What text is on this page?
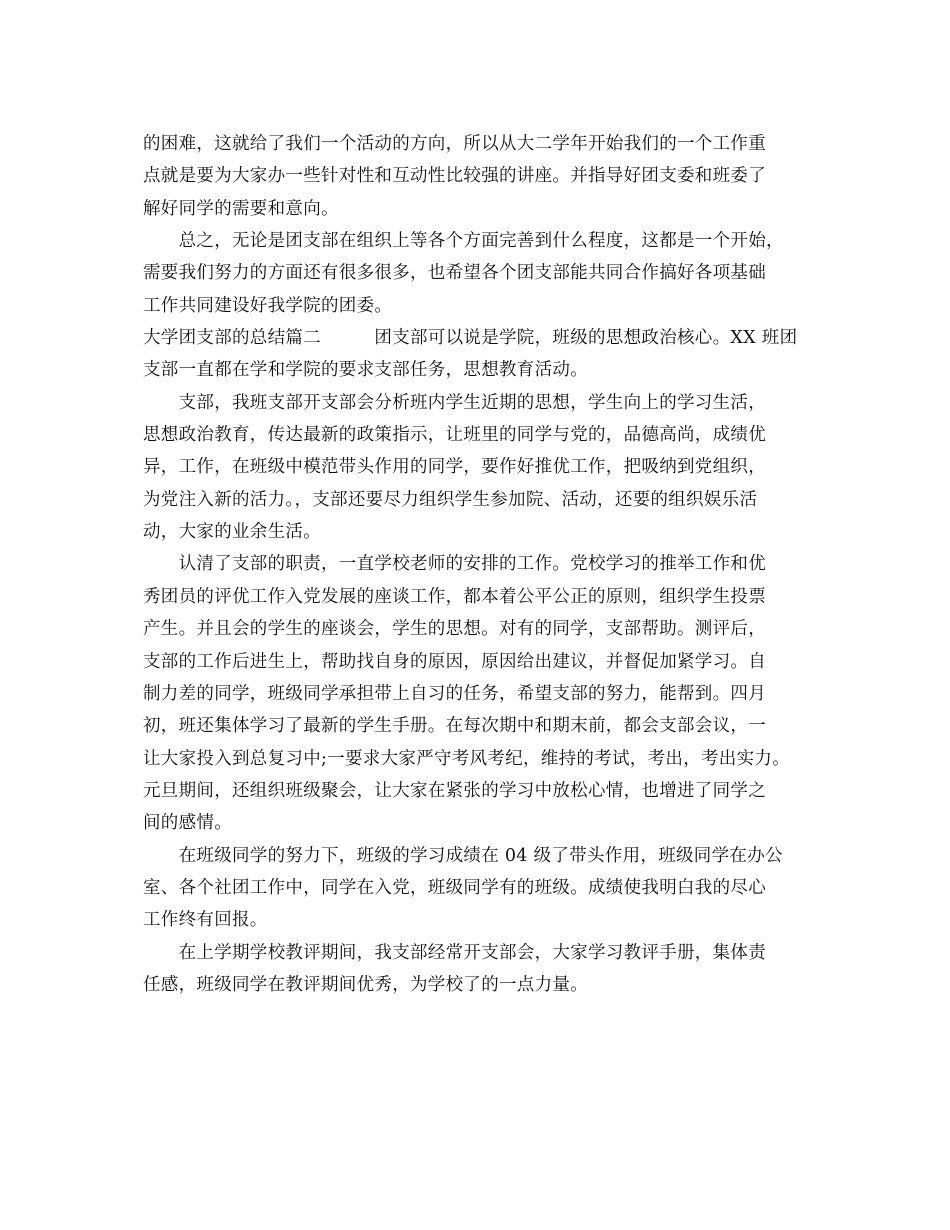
的困难，这就给了我们一个活动的方向，所以从大二学年开始我们的一个工作重
点就是要为大家办一些针对性和互动性比较强的讲座。并指导好团支委和班委了
解好同学的需要和意向。
　　总之，无论是团支部在组织上等各个方面完善到什么程度，这都是一个开始，
需要我们努力的方面还有很多很多，也希望各个团支部能共同合作搞好各项基础
工作共同建设好我学院的团委。
大学团支部的总结篇二　　　团支部可以说是学院，班级的思想政治核心。XX 班团
支部一直都在学和学院的要求支部任务，思想教育活动。
　　支部，我班支部开支部会分析班内学生近期的思想，学生向上的学习生活，
思想政治教育，传达最新的政策指示，让班里的同学与党的，品德高尚，成绩优
异，工作，在班级中模范带头作用的同学，要作好推优工作，把吸纳到党组织，
为党注入新的活力。，支部还要尽力组织学生参加院、活动，还要的组织娱乐活
动，大家的业余生活。
　　认清了支部的职责，一直学校老师的安排的工作。党校学习的推举工作和优
秀团员的评优工作入党发展的座谈工作，都本着公平公正的原则，组织学生投票
产生。并且会的学生的座谈会，学生的思想。对有的同学，支部帮助。测评后，
支部的工作后进生上，帮助找自身的原因，原因给出建议，并督促加紧学习。自
制力差的同学，班级同学承担带上自习的任务，希望支部的努力，能帮到。四月
初，班还集体学习了最新的学生手册。在每次期中和期末前，都会支部会议，一
让大家投入到总复习中;一要求大家严守考风考纪，维持的考试，考出，考出实力。
元旦期间，还组织班级聚会，让大家在紧张的学习中放松心情，也增进了同学之
间的感情。
　　在班级同学的努力下，班级的学习成绩在 04 级了带头作用，班级同学在办公
室、各个社团工作中，同学在入党，班级同学有的班级。成绩使我明白我的尽心
工作终有回报。
　　在上学期学校教评期间，我支部经常开支部会，大家学习教评手册，集体责
任感，班级同学在教评期间优秀，为学校了的一点力量。
